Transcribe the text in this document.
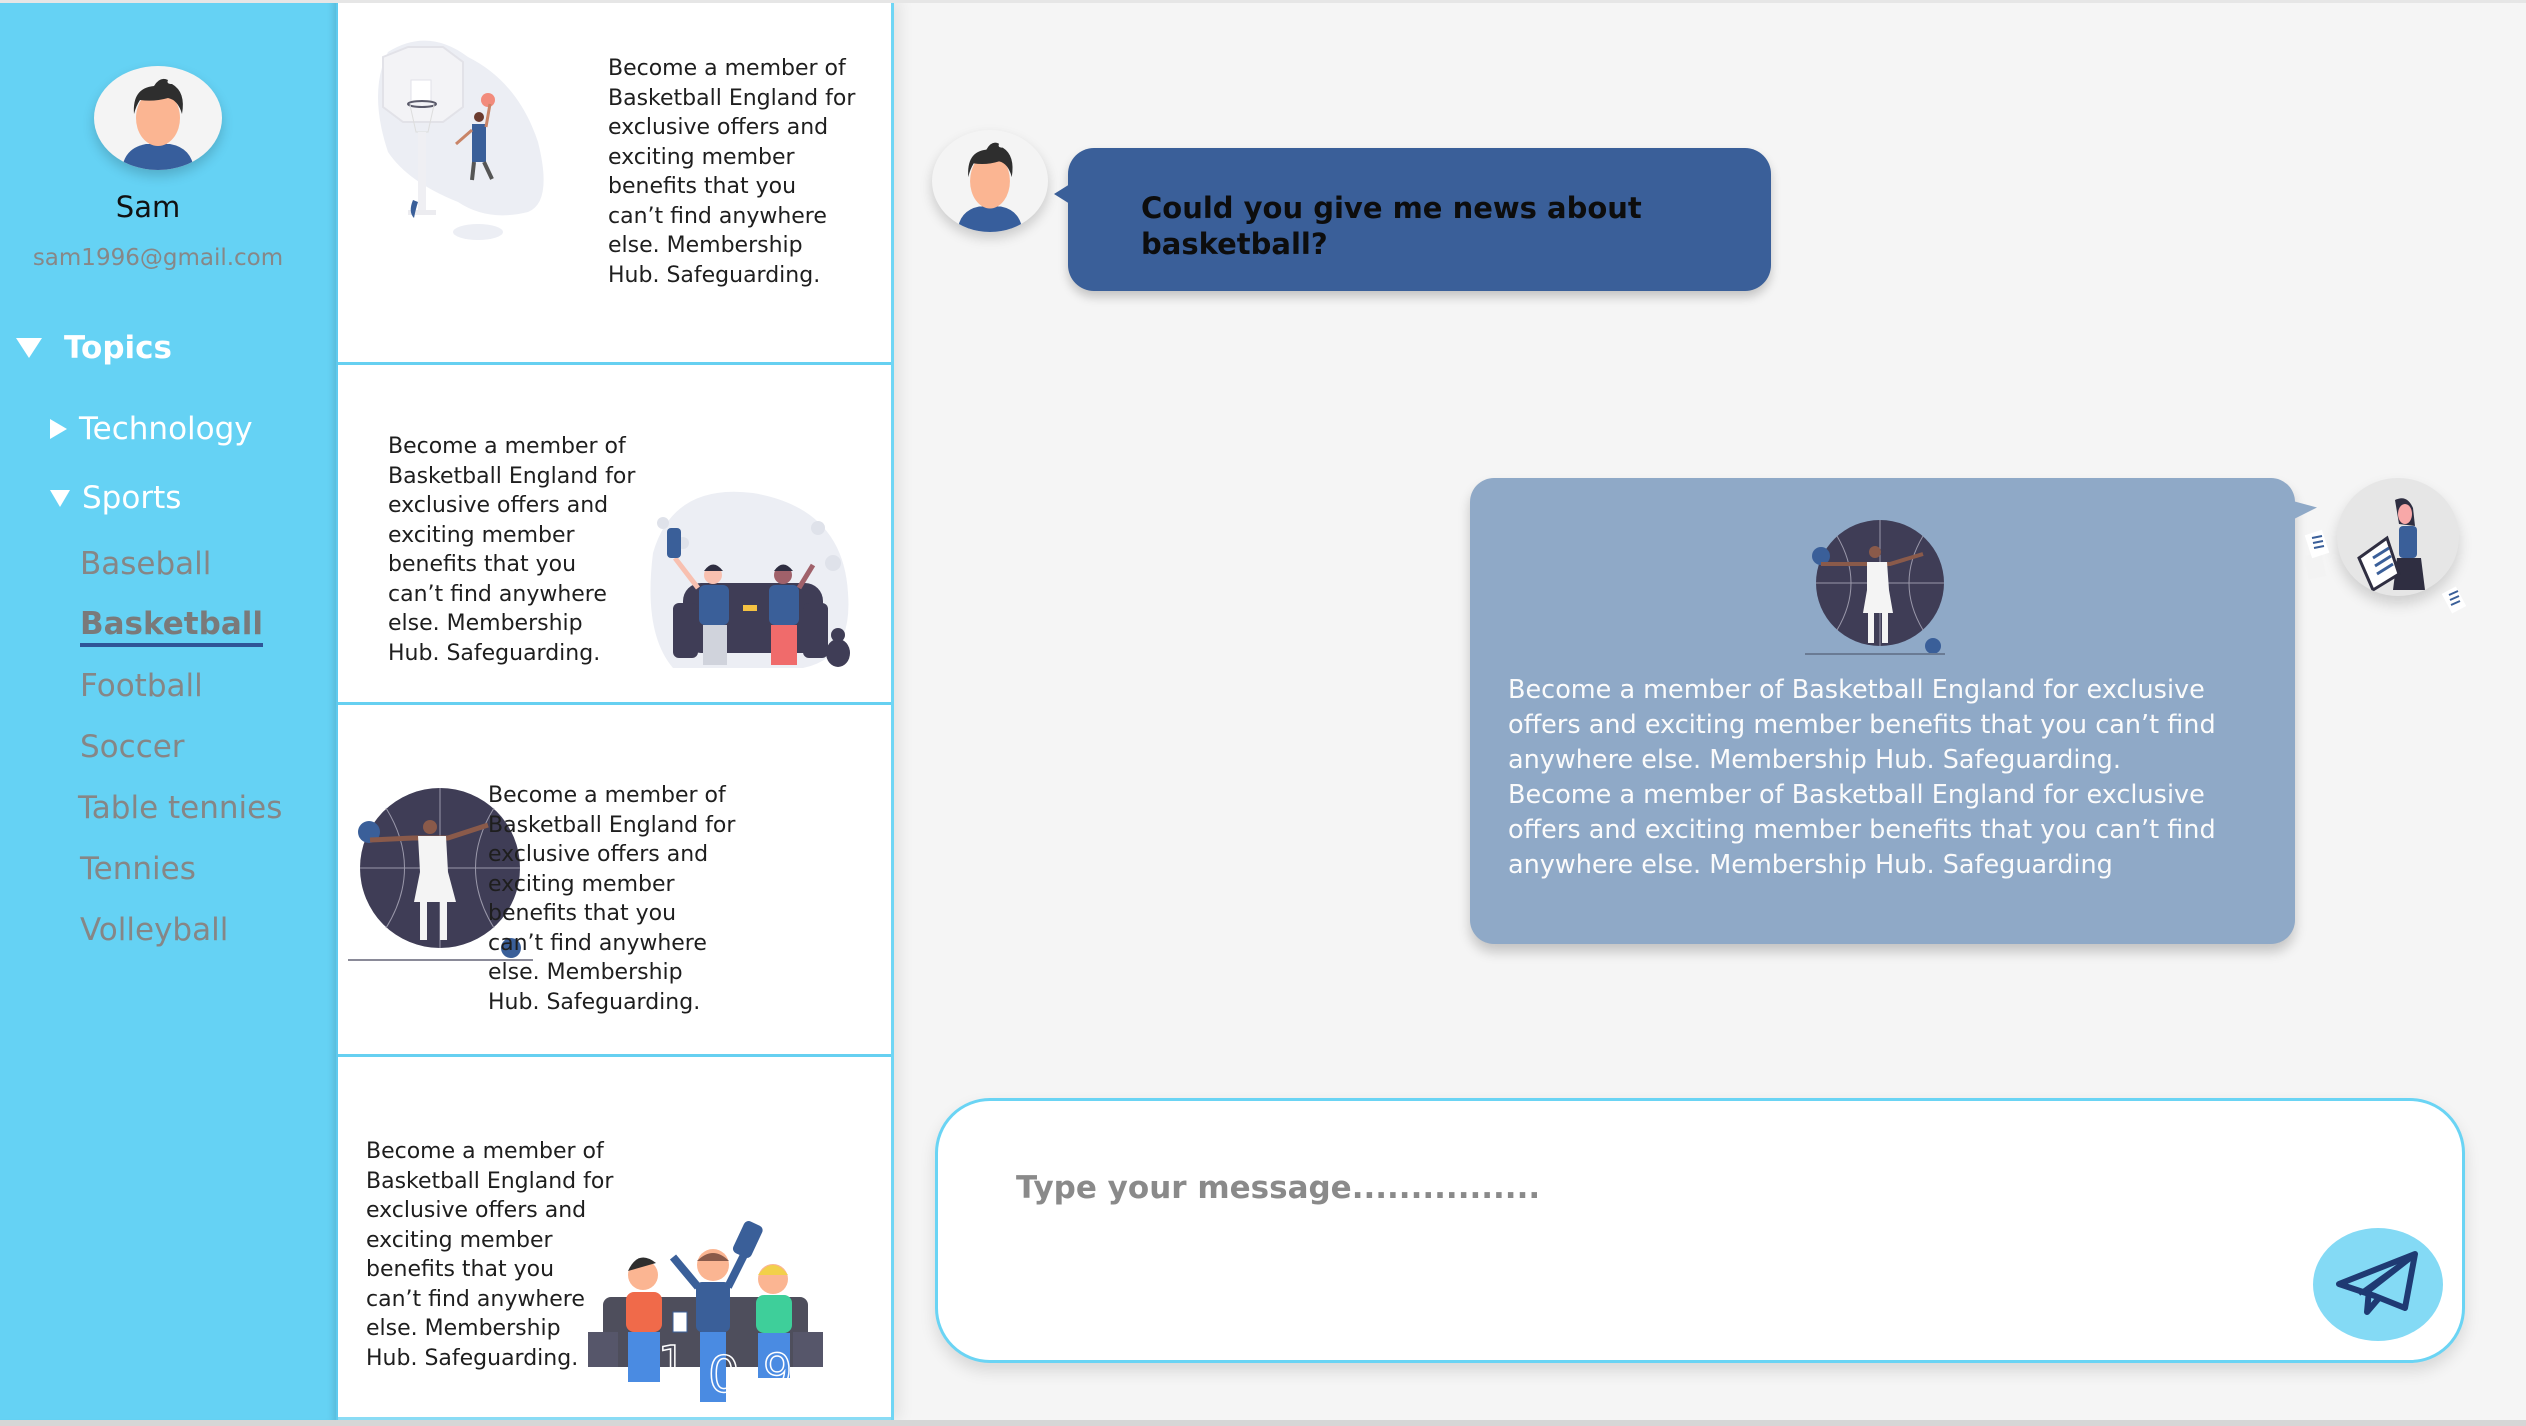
Sam
sam1996@gmail.com
Topics
Technology
Sports
Baseball
Basketball
Football
Soccer
Table tennies
Tennies
Volleyball
Become a member of Basketball England for exclusive offers and exciting member benefits that you can’t find anywhere else. Membership Hub. Safeguarding.
Become a member of Basketball England for exclusive offers and exciting member benefits that you can’t find anywhere else. Membership Hub. Safeguarding.
Become a member of Basketball England for exclusive offers and exciting member benefits that you can’t find anywhere else. Membership Hub. Safeguarding.
Become a member of Basketball England for exclusive offers and exciting member benefits that you can’t find anywhere else. Membership Hub. Safeguarding.	1 0 9
Could you give me news about basketball?
Become a member of Basketball England for exclusive offers and exciting member benefits that you can’t find anywhere else. Membership Hub. Safeguarding.
Become a member of Basketball England for exclusive offers and exciting member benefits that you can’t find anywhere else. Membership Hub. Safeguarding
Type your message................
